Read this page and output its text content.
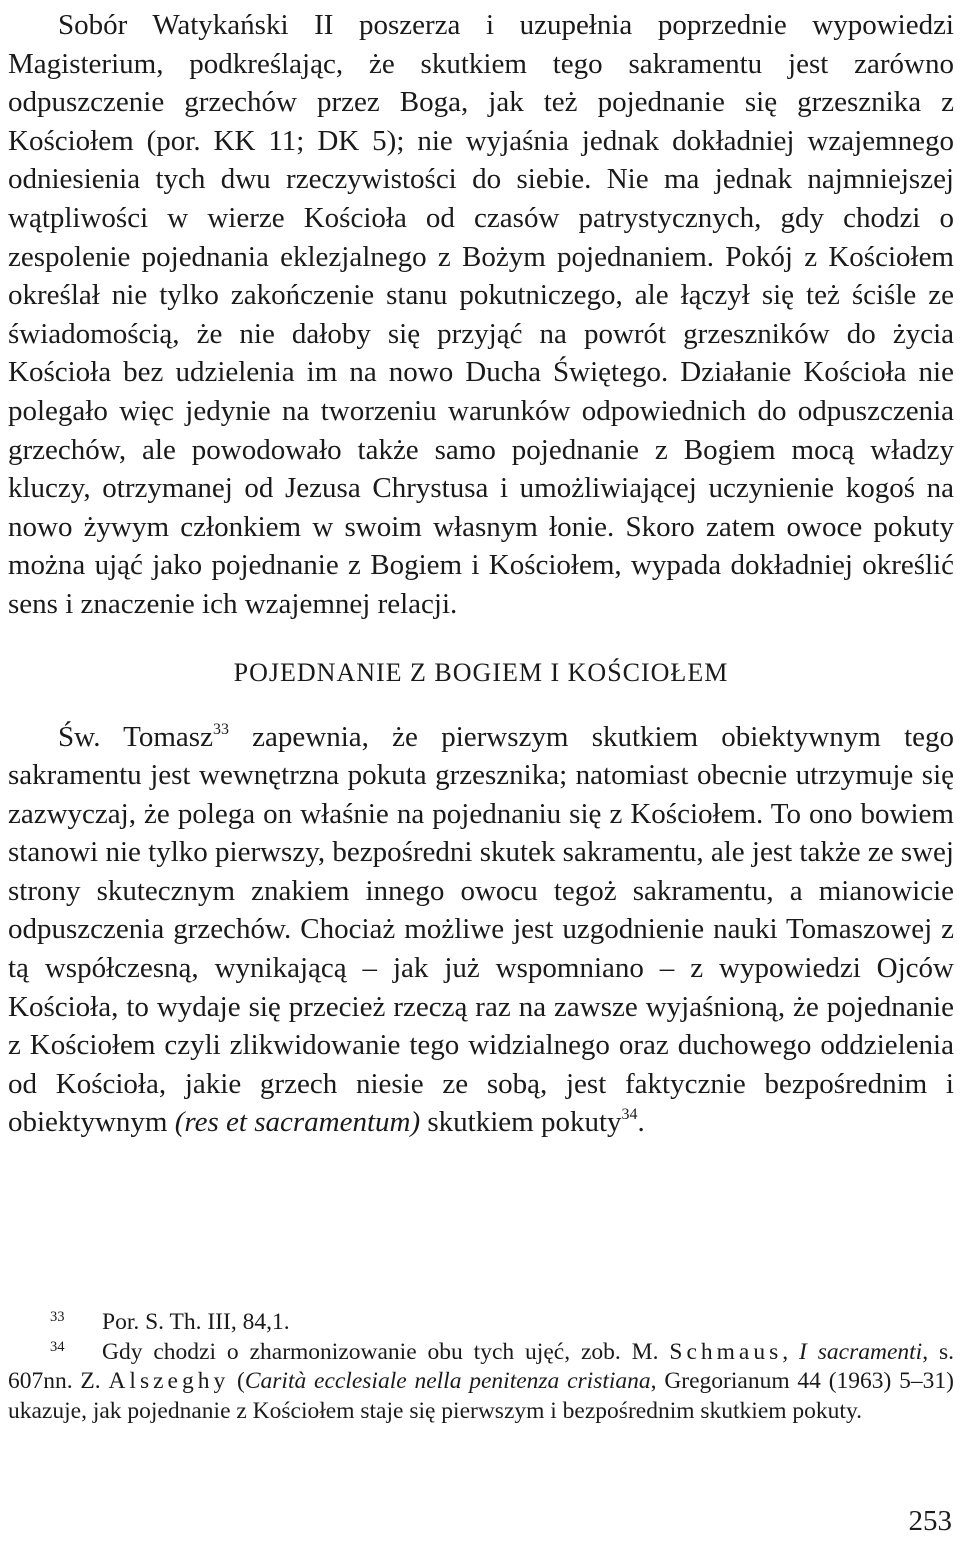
Sobór Watykański II poszerza i uzupełnia poprzednie wypowiedzi Magisterium, podkreślając, że skutkiem tego sakramentu jest zarówno odpuszczenie grzechów przez Boga, jak też pojednanie się grzesznika z Kościołem (por. KK 11; DK 5); nie wyjaśnia jednak dokładniej wzajemnego odniesienia tych dwu rzeczywistości do siebie. Nie ma jednak najmniejszej wątpliwości w wierze Kościoła od czasów patrystycznych, gdy chodzi o zespolenie pojednania eklezjalnego z Bożym pojednaniem. Pokój z Kościołem określał nie tylko zakończenie stanu pokutniczego, ale łączył się też ściśle ze świadomością, że nie dałoby się przyjąć na powrót grzeszników do życia Kościoła bez udzielenia im na nowo Ducha Świętego. Działanie Kościoła nie polegało więc jedynie na tworzeniu warunków odpowiednich do odpuszczenia grzechów, ale powodowało także samo pojednanie z Bogiem mocą władzy kluczy, otrzymanej od Jezusa Chrystusa i umożliwiającej uczynienie kogoś na nowo żywym członkiem w swoim własnym łonie. Skoro zatem owoce pokuty można ująć jako pojednanie z Bogiem i Kościołem, wypada dokładniej określić sens i znaczenie ich wzajemnej relacji.

POJEDNANIE Z BOGIEM I KOŚCIOŁEM

Św. Tomasz$^{33}$ zapewnia, że pierwszym skutkiem obiektywnym tego sakramentu jest wewnętrzna pokuta grzesznika; natomiast obecnie utrzymuje się zazwyczaj, że polega on właśnie na pojednaniu się z Kościołem. To ono bowiem stanowi nie tylko pierwszy, bezpośredni skutek sakramentu, ale jest także ze swej strony skutecznym znakiem innego owocu tegoż sakramentu, a mianowicie odpuszczenia grzechów. Chociaż możliwe jest uzgodnienie nauki Tomaszowej z tą współczesną, wynikającą – jak już wspomniano – z wypowiedzi Ojców Kościoła, to wydaje się przecież rzeczą raz na zawsze wyjaśnioną, że pojednanie z Kościołem czyli zlikwidowanie tego widzialnego oraz duchowego oddzielenia od Kościoła, jakie grzech niesie ze sobą, jest faktycznie bezpośrednim i obiektywnym (res et sacramentum) skutkiem pokuty$^{34}$.

33 Por. S. Th. III, 84,1.

34 Gdy chodzi o zharmonizowanie obu tych ujęć, zob. M. Schmaus, I sacramenti, s. 607nn. Z. Alszeghy (Carità ecclesiale nella penitenza cristiana, Gregorianum 44 (1963) 5–31) ukazuje, jak pojednanie z Kościołem staje się pierwszym i bezpośrednim skutkiem pokuty.

253
